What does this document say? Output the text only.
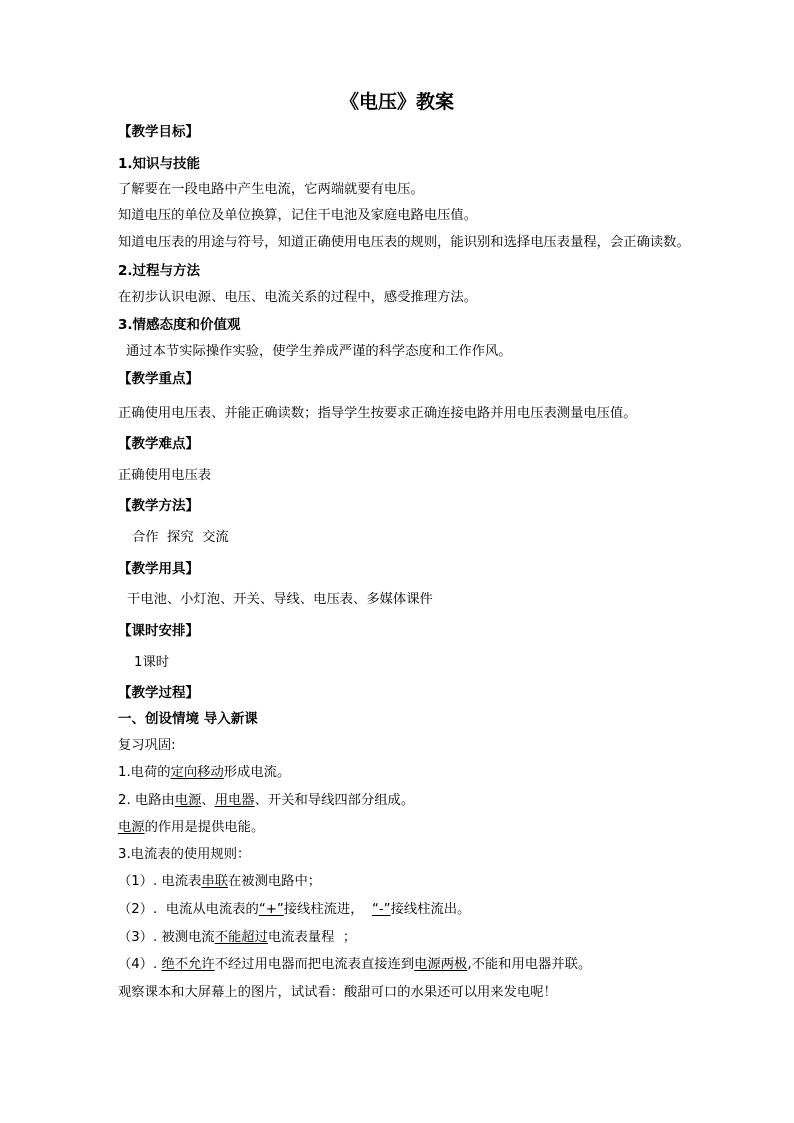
《电压》教案
【教学目标】
1.知识与技能
了解要在一段电路中产生电流，它两端就要有电压。
知道电压的单位及单位换算，记住干电池及家庭电路电压值。
知道电压表的用途与符号，知道正确使用电压表的规则，能识别和选择电压表量程，会正确读数。
2.过程与方法
在初步认识电源、电压、电流关系的过程中，感受推理方法。
3.情感态度和价值观
通过本节实际操作实验，使学生养成严谨的科学态度和工作作风。
【教学重点】
正确使用电压表、并能正确读数；指导学生按要求正确连接电路并用电压表测量电压值。
【教学难点】
正确使用电压表
【教学方法】
合作  探究  交流
【教学用具】
干电池、小灯泡、开关、导线、电压表、多媒体课件
【课时安排】
1课时
【教学过程】
一、创设情境 导入新课
复习巩固:
1.电荷的定向移动形成电流。
2. 电路由电源、用电器、开关和导线四部分组成。
电源的作用是提供电能。
3.电流表的使用规则：
（1）. 电流表串联在被测电路中；
（2）.  电流从电流表的“+”接线柱流进，  “-”接线柱流出。
（3）. 被测电流不能超过电流表量程  ；
（4）. 绝不允许不经过用电器而把电流表直接连到电源两极,不能和用电器并联。
观察课本和大屏幕上的图片，试试看：酸甜可口的水果还可以用来发电呢！
